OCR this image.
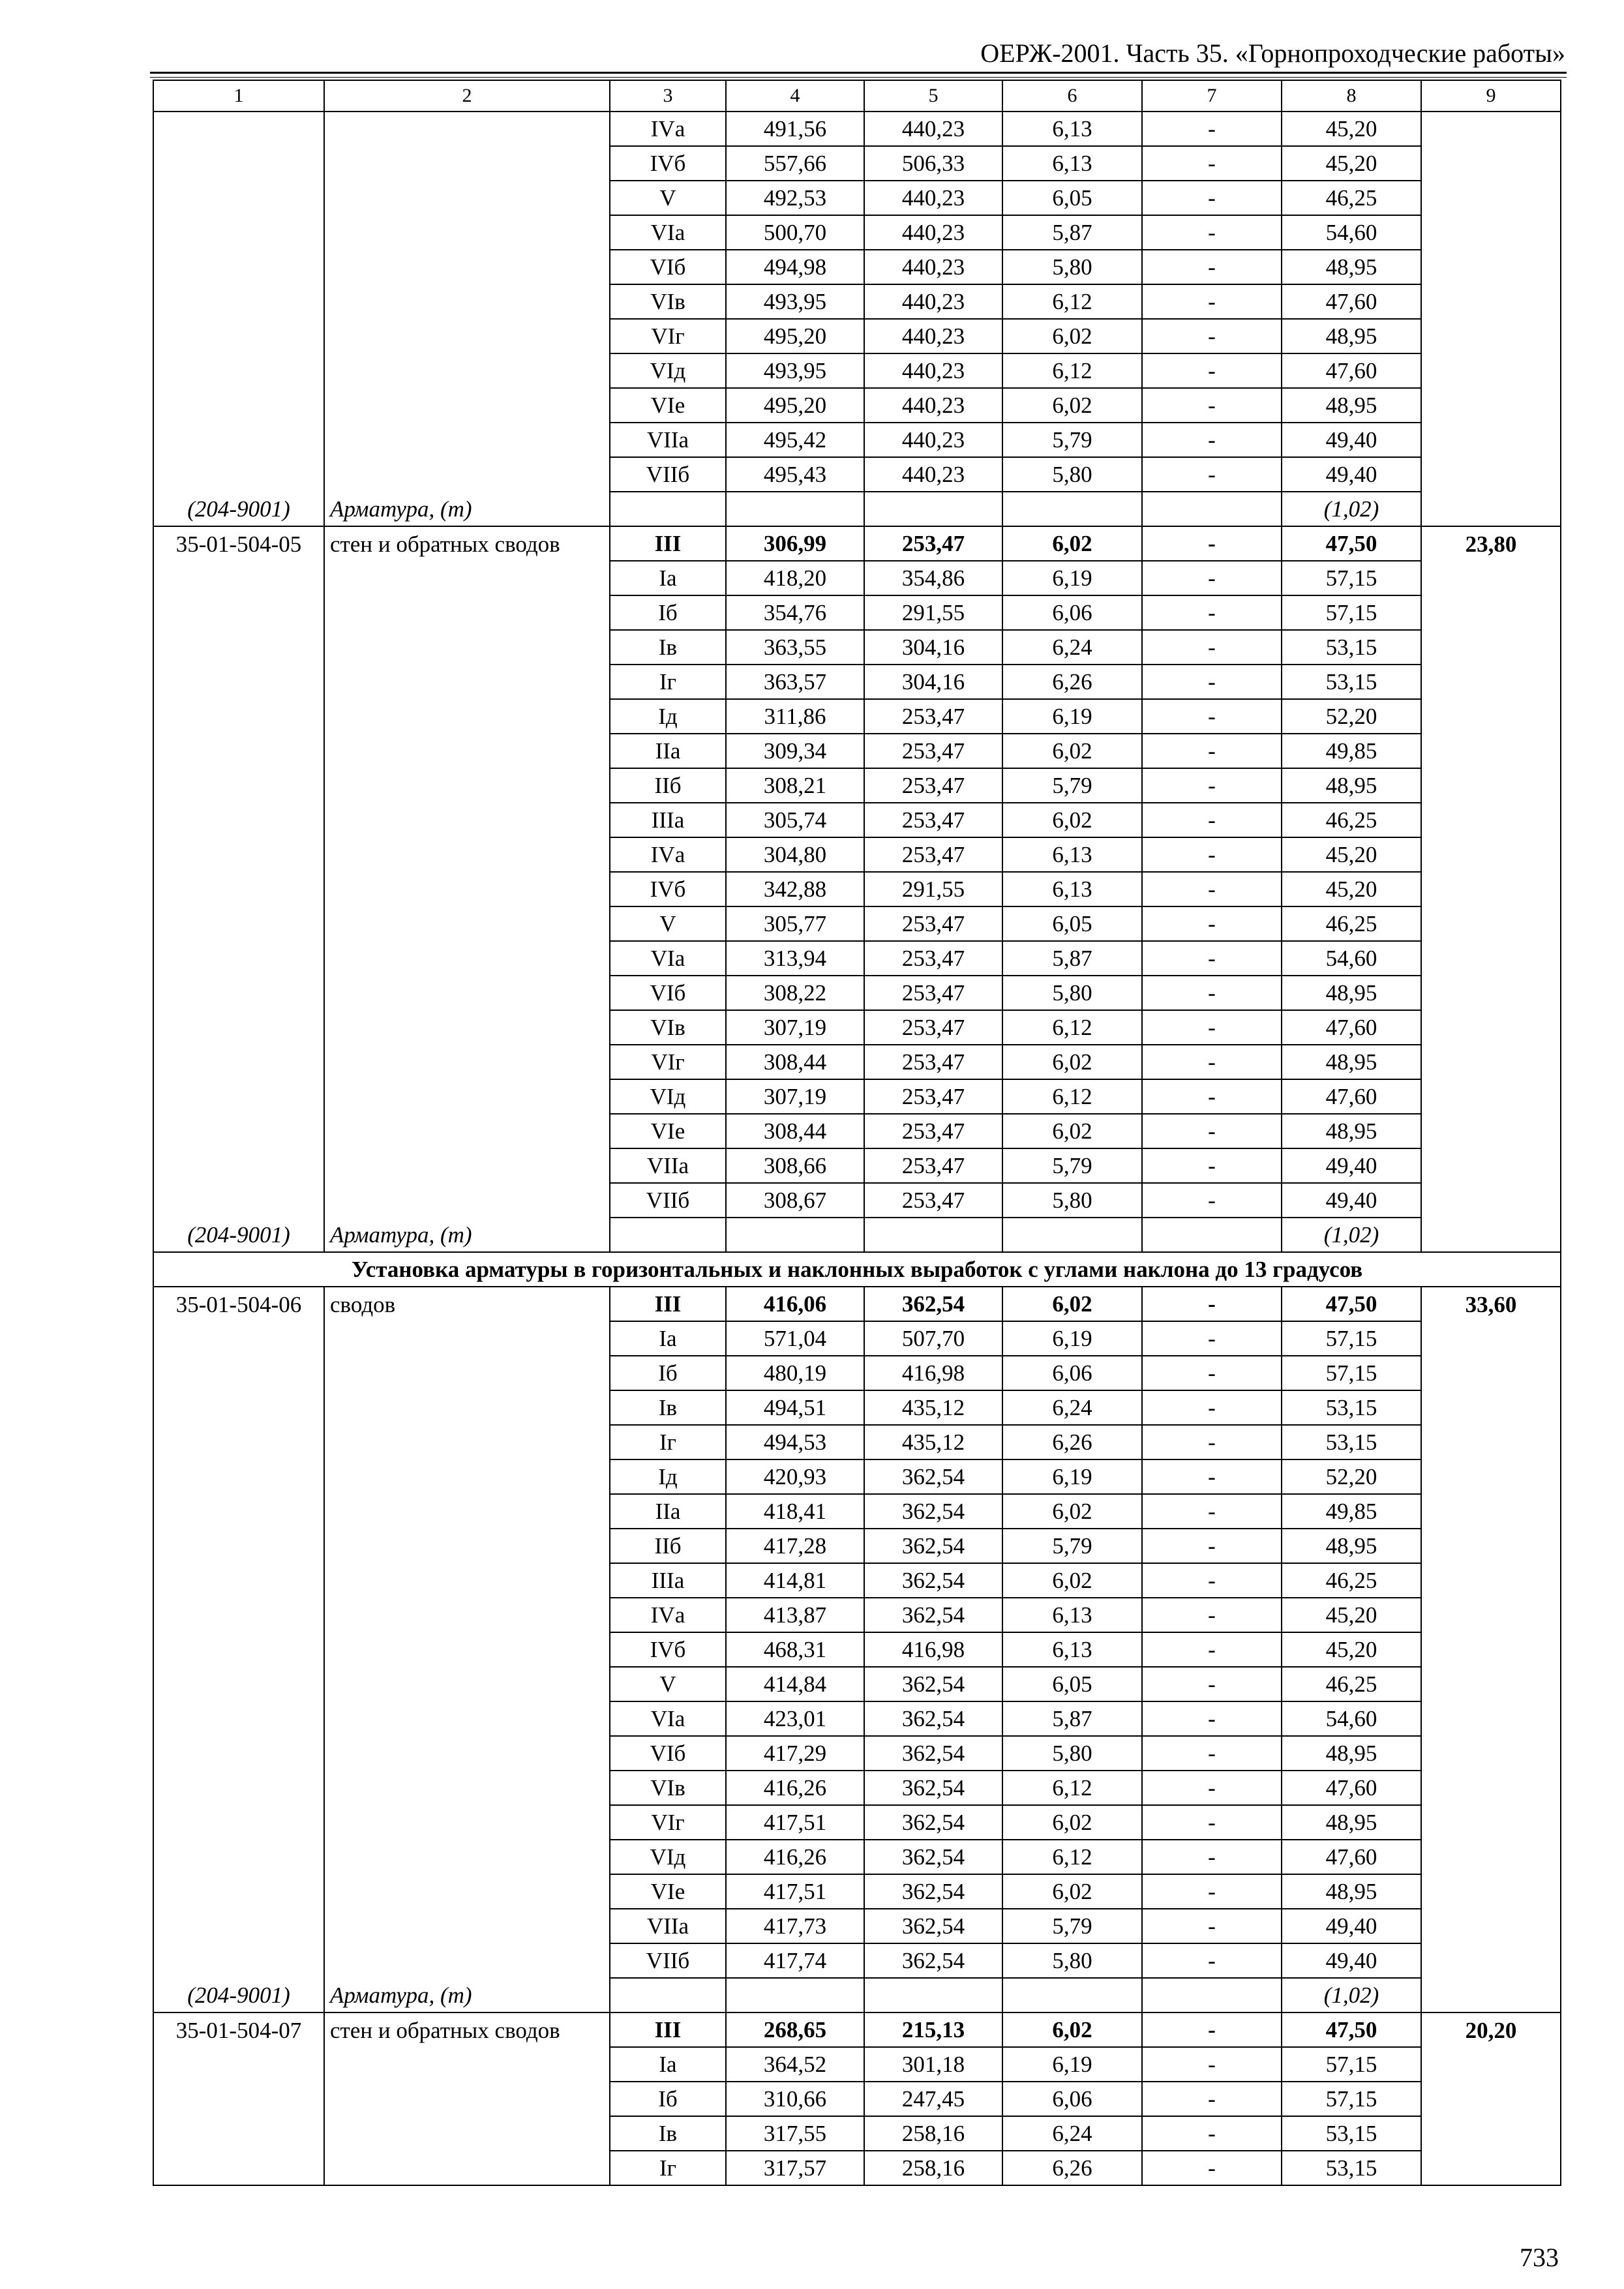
ОЕРЖ-2001. Часть 35. «Горнопроходческие работы»
1	2	3	4	5	6	7	8	9
		IVа	491,56	440,23	6,13	-	45,20	
		IVб	557,66	506,33	6,13	-	45,20	
		V	492,53	440,23	6,05	-	46,25	
		VIа	500,70	440,23	5,87	-	54,60	
		VIб	494,98	440,23	5,80	-	48,95	
		VIв	493,95	440,23	6,12	-	47,60	
		VIг	495,20	440,23	6,02	-	48,95	
		VIд	493,95	440,23	6,12	-	47,60	
		VIе	495,20	440,23	6,02	-	48,95	
		VIIа	495,42	440,23	5,79	-	49,40	
		VIIб	495,43	440,23	5,80	-	49,40	
(204-9001)	Арматура, (т)						(1,02)	
35-01-504-05	стен и обратных сводов	III	306,99	253,47	6,02	-	47,50	23,80
		Iа	418,20	354,86	6,19	-	57,15	
		Iб	354,76	291,55	6,06	-	57,15	
		Iв	363,55	304,16	6,24	-	53,15	
		Iг	363,57	304,16	6,26	-	53,15	
		Iд	311,86	253,47	6,19	-	52,20	
		IIа	309,34	253,47	6,02	-	49,85	
		IIб	308,21	253,47	5,79	-	48,95	
		IIIа	305,74	253,47	6,02	-	46,25	
		IVа	304,80	253,47	6,13	-	45,20	
		IVб	342,88	291,55	6,13	-	45,20	
		V	305,77	253,47	6,05	-	46,25	
		VIа	313,94	253,47	5,87	-	54,60	
		VIб	308,22	253,47	5,80	-	48,95	
		VIв	307,19	253,47	6,12	-	47,60	
		VIг	308,44	253,47	6,02	-	48,95	
		VIд	307,19	253,47	6,12	-	47,60	
		VIе	308,44	253,47	6,02	-	48,95	
		VIIа	308,66	253,47	5,79	-	49,40	
		VIIб	308,67	253,47	5,80	-	49,40	
(204-9001)	Арматура, (т)						(1,02)	
Установка арматуры в горизонтальных и наклонных выработок с углами наклона до 13 градусов								
35-01-504-06	сводов	III	416,06	362,54	6,02	-	47,50	33,60
		Iа	571,04	507,70	6,19	-	57,15	
		Iб	480,19	416,98	6,06	-	57,15	
		Iв	494,51	435,12	6,24	-	53,15	
		Iг	494,53	435,12	6,26	-	53,15	
		Iд	420,93	362,54	6,19	-	52,20	
		IIа	418,41	362,54	6,02	-	49,85	
		IIб	417,28	362,54	5,79	-	48,95	
		IIIа	414,81	362,54	6,02	-	46,25	
		IVа	413,87	362,54	6,13	-	45,20	
		IVб	468,31	416,98	6,13	-	45,20	
		V	414,84	362,54	6,05	-	46,25	
		VIа	423,01	362,54	5,87	-	54,60	
		VIб	417,29	362,54	5,80	-	48,95	
		VIв	416,26	362,54	6,12	-	47,60	
		VIг	417,51	362,54	6,02	-	48,95	
		VIд	416,26	362,54	6,12	-	47,60	
		VIе	417,51	362,54	6,02	-	48,95	
		VIIа	417,73	362,54	5,79	-	49,40	
		VIIб	417,74	362,54	5,80	-	49,40	
(204-9001)	Арматура, (т)						(1,02)	
35-01-504-07	стен и обратных сводов	III	268,65	215,13	6,02	-	47,50	20,20
		Iа	364,52	301,18	6,19	-	57,15	
		Iб	310,66	247,45	6,06	-	57,15	
		Iв	317,55	258,16	6,24	-	53,15	
		Iг	317,57	258,16	6,26	-	53,15	
733
